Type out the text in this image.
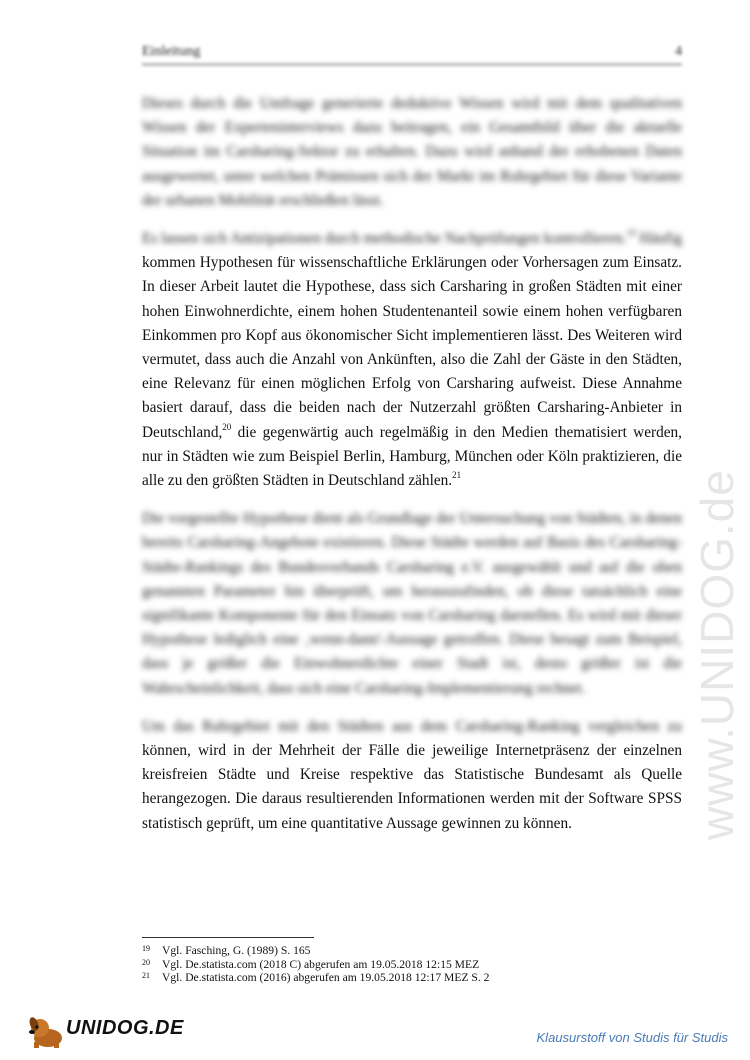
Einleitung	4

Dieses durch die Umfrage generierte deduktive Wissen wird mit dem qualitativen Wissen der Experteninterviews dazu beitragen, ein Gesamtbild über die aktuelle Situation im Carsharing-Sektor zu erhalten. Dazu wird anhand der erhobenen Daten ausgewertet, unter welchen Prämissen sich der Markt im Ruhrgebiet für diese Variante der urbanen Mobilität erschließen lässt.

Es lassen sich Antizipationen durch methodische Nachprüfungen kontrollieren.$^{19}$ Häufig kommen Hypothesen für wissenschaftliche Erklärungen oder Vorhersagen zum Einsatz. In dieser Arbeit lautet die Hypothese, dass sich Carsharing in großen Städten mit einer hohen Einwohnerdichte, einem hohen Studentenanteil sowie einem hohen verfügbaren Einkommen pro Kopf aus ökonomischer Sicht implementieren lässt. Des Weiteren wird vermutet, dass auch die Anzahl von Ankünften, also die Zahl der Gäste in den Städten, eine Relevanz für einen möglichen Erfolg von Carsharing aufweist. Diese Annahme basiert darauf, dass die beiden nach der Nutzerzahl größten Carsharing-Anbieter in Deutschland,$^{20}$ die gegenwärtig auch regelmäßig in den Medien thematisiert werden, nur in Städten wie zum Beispiel Berlin, Hamburg, München oder Köln praktizieren, die alle zu den größten Städten in Deutschland zählen.$^{21}$

Die vorgestellte Hypothese dient als Grundlage der Untersuchung von Städten, in denen bereits Carsharing-Angebote existieren. Diese Städte werden auf Basis des Carsharing-Städte-Rankings des Bundesverbands Carsharing e.V. ausgewählt und auf die oben genannten Parameter hin überprüft, um herauszufinden, ob diese tatsächlich eine signifikante Komponente für den Einsatz von Carsharing darstellen. Es wird mit dieser Hypothese lediglich eine ‚wenn-dann'-Aussage getroffen. Diese besagt zum Beispiel, dass je größer die Einwohnerdichte einer Stadt ist, desto größer ist die Wahrscheinlichkeit, dass sich eine Carsharing-Implementierung rechnet.

Um das Ruhrgebiet mit den Städten aus dem Carsharing-Ranking vergleichen zu können, wird in der Mehrheit der Fälle die jeweilige Internetpräsenz der einzelnen kreisfreien Städte und Kreise respektive das Statistische Bundesamt als Quelle herangezogen. Die daraus resultierenden Informationen werden mit der Software SPSS statistisch geprüft, um eine quantitative Aussage gewinnen zu können.	www.UNIDOG.de
19 Vgl. Fasching, G. (1989) S. 165
20 Vgl. De.statista.com (2018 C) abgerufen am 19.05.2018 12:15 MEZ
21 Vgl. De.statista.com (2016) abgerufen am 19.05.2018 12:17 MEZ S. 2
UNIDOG.DE	Klausurstoff von Studis für Studis
